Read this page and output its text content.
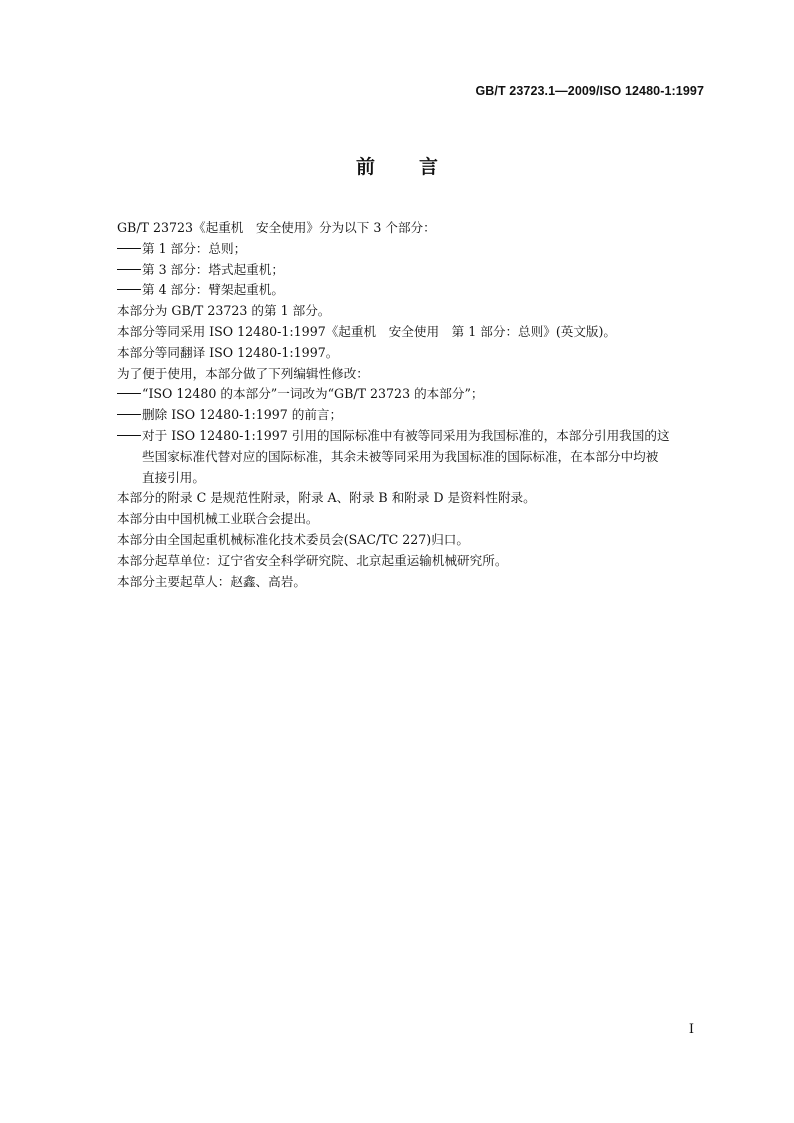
GB/T 23723.1—2009/ISO 12480-1:1997
前言

GB/T 23723《起重机　安全使用》分为以下 3 个部分：

第 1 部分：总则；

第 3 部分：塔式起重机；

第 4 部分：臂架起重机。

本部分为 GB/T 23723 的第 1 部分。

本部分等同采用 ISO 12480-1:1997《起重机　安全使用　第 1 部分：总则》(英文版)。

本部分等同翻译 ISO 12480-1:1997。

为了便于使用，本部分做了下列编辑性修改：

“ISO 12480 的本部分”一词改为“GB/T 23723 的本部分”；

删除 ISO 12480-1:1997 的前言；

对于 ISO 12480-1:1997 引用的国际标准中有被等同采用为我国标准的，本部分引用我国的这
些国家标准代替对应的国际标准，其余未被等同采用为我国标准的国际标准，在本部分中均被
直接引用。

本部分的附录 C 是规范性附录，附录 A、附录 B 和附录 D 是资料性附录。

本部分由中国机械工业联合会提出。

本部分由全国起重机械标准化技术委员会(SAC/TC 227)归口。

本部分起草单位：辽宁省安全科学研究院、北京起重运输机械研究所。

本部分主要起草人：赵鑫、高岩。

I
